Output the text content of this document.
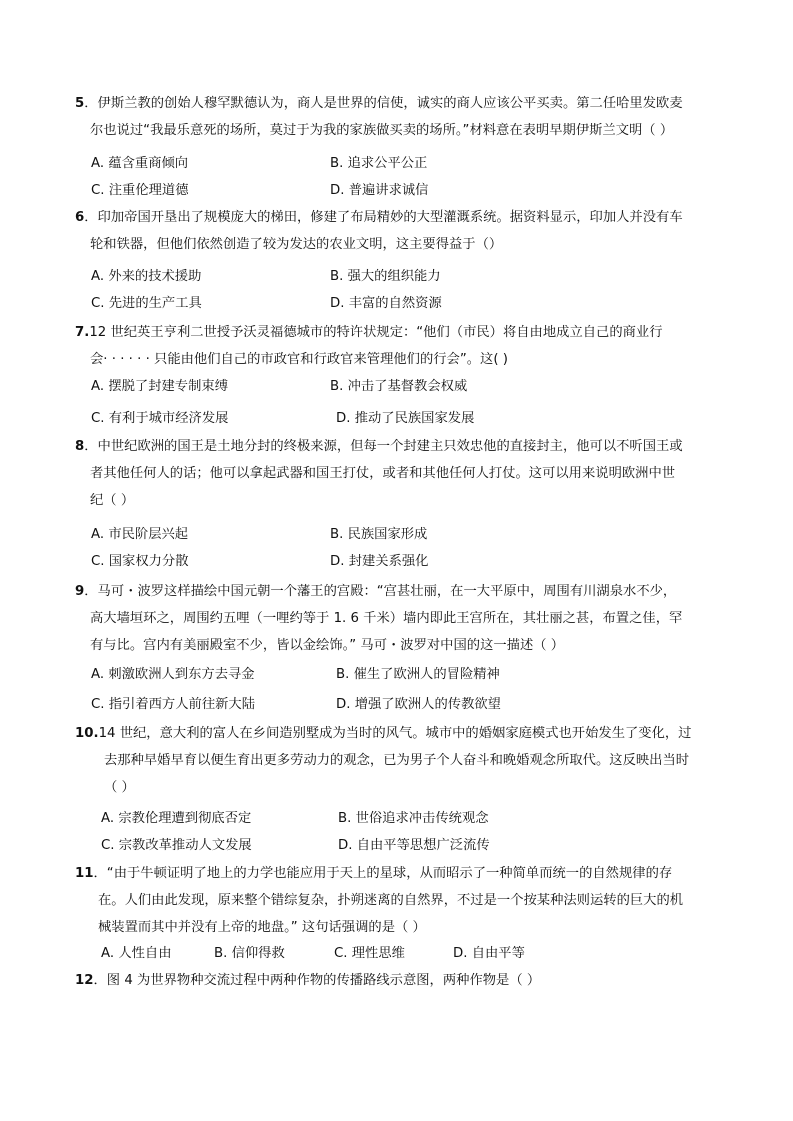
5．伊斯兰教的创始人穆罕默德认为，商人是世界的信使，诚实的商人应该公平买卖。第二任哈里发欧麦
尔也说过“我最乐意死的场所，莫过于为我的家族做买卖的场所。”材料意在表明早期伊斯兰文明（ ）
A. 蕴含重商倾向	B. 追求公平公正
C. 注重伦理道德	D. 普遍讲求诚信
6．印加帝国开垦出了规模庞大的梯田，修建了布局精妙的大型灌溉系统。据资料显示，印加人并没有车
轮和铁器，但他们依然创造了较为发达的农业文明，这主要得益于（）
A. 外来的技术援助	B. 强大的组织能力
C. 先进的生产工具	D. 丰富的自然资源
7.12 世纪英王亨利二世授予沃灵福德城市的特许状规定：“他们（市民）将自由地成立自己的商业行
会· · · · · · 只能由他们自己的市政官和行政官来管理他们的行会”。这( )
A. 摆脱了封建专制束缚	B. 冲击了基督教会权威
C. 有利于城市经济发展	D. 推动了民族国家发展
8．中世纪欧洲的国王是土地分封的终极来源，但每一个封建主只效忠他的直接封主，他可以不听国王或
者其他任何人的话；他可以拿起武器和国王打仗，或者和其他任何人打仗。这可以用来说明欧洲中世
纪（ ）
A. 市民阶层兴起	B. 民族国家形成
C. 国家权力分散	D. 封建关系强化
9．马可・波罗这样描绘中国元朝一个藩王的宫殿：“宫甚壮丽，在一大平原中，周围有川湖泉水不少，
高大墙垣环之，周围约五哩（一哩约等于 1. 6 千米）墙内即此王宫所在，其壮丽之甚，布置之佳，罕
有与比。宫内有美丽殿室不少，皆以金绘饰。” 马可・波罗对中国的这一描述（ ）
A. 刺激欧洲人到东方去寻金	B. 催生了欧洲人的冒险精神
C. 指引着西方人前往新大陆	D. 增强了欧洲人的传教欲望
10.14 世纪，意大利的富人在乡间造别墅成为当时的风气。城市中的婚姻家庭模式也开始发生了变化，过
去那种早婚早育以便生育出更多劳动力的观念，已为男子个人奋斗和晚婚观念所取代。这反映出当时
（ ）
A. 宗教伦理遭到彻底否定	B. 世俗追求冲击传统观念
C. 宗教改革推动人文发展	D. 自由平等思想广泛流传
11．“由于牛顿证明了地上的力学也能应用于天上的星球，从而昭示了一种简单而统一的自然规律的存
在。人们由此发现，原来整个错综复杂，扑朔迷离的自然界，不过是一个按某种法则运转的巨大的机
械装置而其中并没有上帝的地盘。” 这句话强调的是（ ）
A. 人性自由	B. 信仰得救	C. 理性思维	D. 自由平等
12．图 4 为世界物种交流过程中两种作物的传播路线示意图，两种作物是（ ）
